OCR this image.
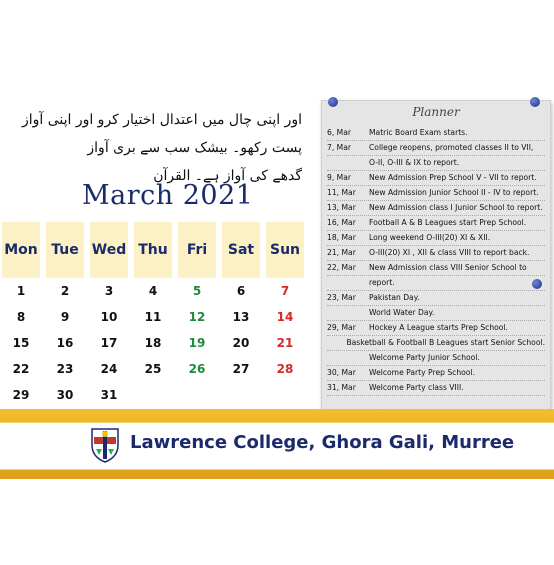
اور اپنی چال میں اعتدال اختیار کرو اور اپنی آواز پست رکھو۔ بیشک سب سے بری آواز
گدھے کی آواز ہے۔ القرآن
March 2021
Mon Tue Wed Thu	Fri	Sat	Sun
1	2	3	4	5	6	7
8	9	10	11	12	13	14
15	16	17	18	19	20	21
22	23	24	25	26	27	28
29	30	31
Planner
6, Mar	Matric Board Exam starts.
7, Mar	College reopens, promoted classes II to VII,
O-II, O-III & IX to report.
9, Mar	New Admission Prep School V - VII to report.
11, Mar	New Admission Junior School II - IV to report.
13, Mar	New Admission class I Junior School to report.
16, Mar	Football A & B Leagues start Prep School.
18, Mar	Long weekend O-III(20) XI & XII.
21, Mar	O-III(20) XI , XII & class VIII to report back.
22, Mar	New Admission class VIII Senior School to
report.
23, Mar	Pakistan Day.
World Water Day.
29, Mar	Hockey A League starts Prep School.
Basketball & Football B Leagues start Senior School.
Welcome Party Junior School.
30, Mar	Welcome Party Prep School.
31, Mar	Welcome Party class VIII.
Lawrence College, Ghora Gali, Murree
